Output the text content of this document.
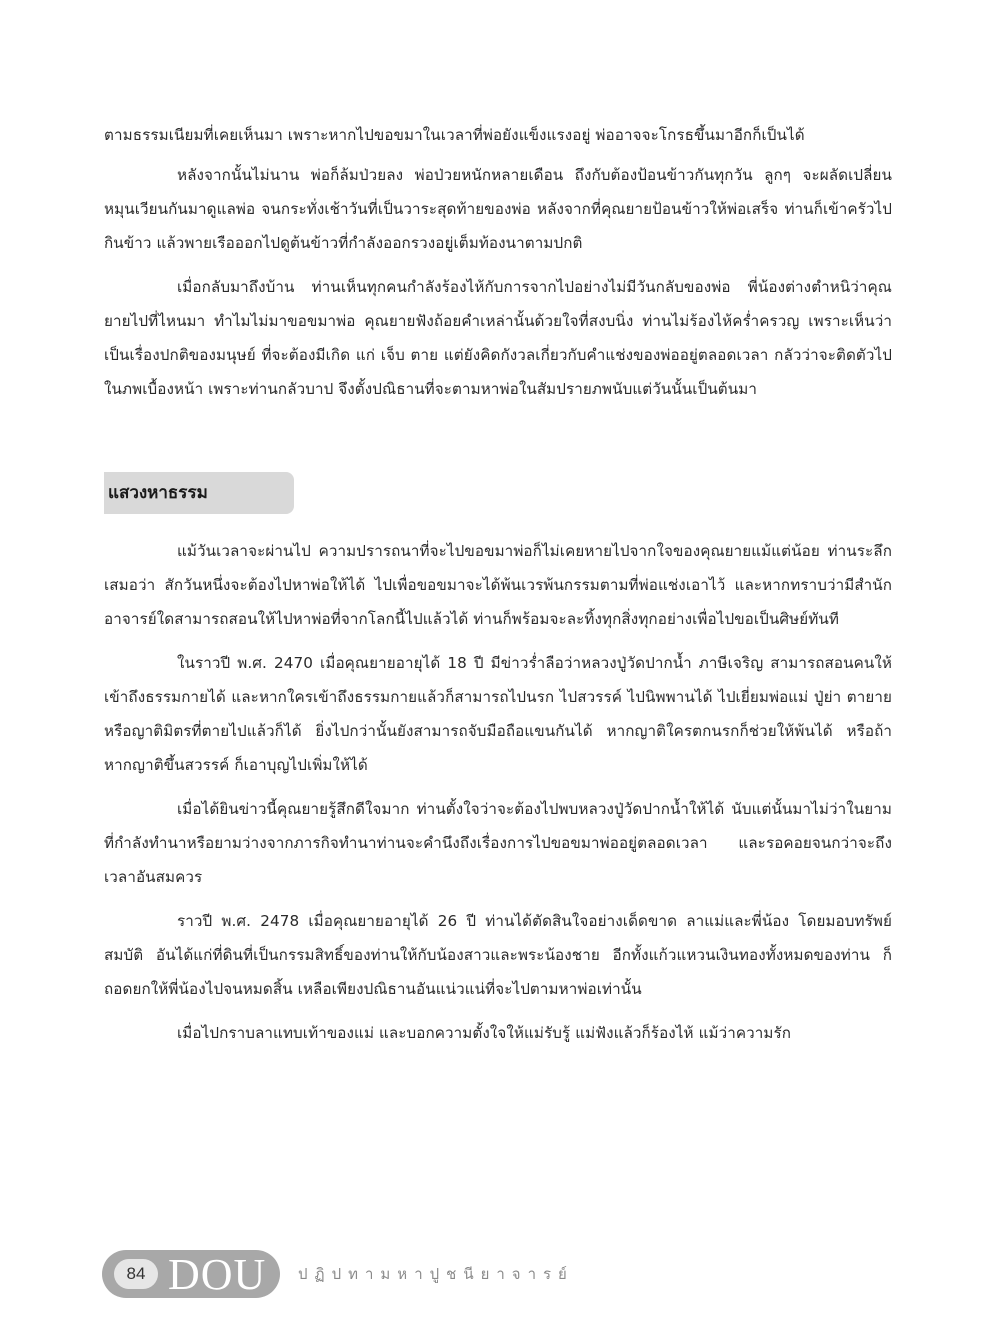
ตามธรรมเนียมที่เคยเห็นมา เพราะหากไปขอขมาในเวลาที่พ่อยังแข็งแรงอยู่ พ่ออาจจะโกรธขึ้นมาอีกก็เป็นได้

หลังจากนั้นไม่นาน พ่อก็ล้มป่วยลง พ่อป่วยหนักหลายเดือน ถึงกับต้องป้อนข้าวกันทุกวัน ลูกๆ จะผลัดเปลี่ยนหมุนเวียนกันมาดูแลพ่อ จนกระทั่งเช้าวันที่เป็นวาระสุดท้ายของพ่อ หลังจากที่คุณยายป้อนข้าวให้พ่อเสร็จ ท่านก็เข้าครัวไปกินข้าว แล้วพายเรือออกไปดูต้นข้าวที่กำลังออกรวงอยู่เต็มท้องนาตามปกติ

เมื่อกลับมาถึงบ้าน ท่านเห็นทุกคนกำลังร้องไห้กับการจากไปอย่างไม่มีวันกลับของพ่อ พี่น้องต่างตำหนิว่าคุณยายไปที่ไหนมา ทำไมไม่มาขอขมาพ่อ คุณยายฟังถ้อยคำเหล่านั้นด้วยใจที่สงบนิ่ง ท่านไม่ร้องไห้คร่ำครวญ เพราะเห็นว่าเป็นเรื่องปกติของมนุษย์ ที่จะต้องมีเกิด แก่ เจ็บ ตาย แต่ยังคิดกังวลเกี่ยวกับคำแช่งของพ่ออยู่ตลอดเวลา กลัวว่าจะติดตัวไปในภพเบื้องหน้า เพราะท่านกลัวบาป จึงตั้งปณิธานที่จะตามหาพ่อในสัมปรายภพนับแต่วันนั้นเป็นต้นมา

แสวงหาธรรม

แม้วันเวลาจะผ่านไป ความปรารถนาที่จะไปขอขมาพ่อก็ไม่เคยหายไปจากใจของคุณยายแม้แต่น้อย ท่านระลึกเสมอว่า สักวันหนึ่งจะต้องไปหาพ่อให้ได้ ไปเพื่อขอขมาจะได้พ้นเวรพ้นกรรมตามที่พ่อแช่งเอาไว้ และหากทราบว่ามีสำนักอาจารย์ใดสามารถสอนให้ไปหาพ่อที่จากโลกนี้ไปแล้วได้ ท่านก็พร้อมจะละทิ้งทุกสิ่งทุกอย่างเพื่อไปขอเป็นศิษย์ทันที

ในราวปี พ.ศ. 2470 เมื่อคุณยายอายุได้ 18 ปี มีข่าวร่ำลือว่าหลวงปู่วัดปากน้ำ ภาษีเจริญ สามารถสอนคนให้เข้าถึงธรรมกายได้ และหากใครเข้าถึงธรรมกายแล้วก็สามารถไปนรก ไปสวรรค์ ไปนิพพานได้ ไปเยี่ยมพ่อแม่ ปู่ย่า ตายาย หรือญาติมิตรที่ตายไปแล้วก็ได้ ยิ่งไปกว่านั้นยังสามารถจับมือถือแขนกันได้ หากญาติใครตกนรกก็ช่วยให้พ้นได้ หรือถ้าหากญาติขึ้นสวรรค์ ก็เอาบุญไปเพิ่มให้ได้

เมื่อได้ยินข่าวนี้คุณยายรู้สึกดีใจมาก ท่านตั้งใจว่าจะต้องไปพบหลวงปู่วัดปากน้ำให้ได้ นับแต่นั้นมาไม่ว่าในยามที่กำลังทำนาหรือยามว่างจากภารกิจทำนาท่านจะคำนึงถึงเรื่องการไปขอขมาพ่ออยู่ตลอดเวลา และรอคอยจนกว่าจะถึงเวลาอันสมควร

ราวปี พ.ศ. 2478 เมื่อคุณยายอายุได้ 26 ปี ท่านได้ตัดสินใจอย่างเด็ดขาด ลาแม่และพี่น้อง โดยมอบทรัพย์สมบัติ อันได้แก่ที่ดินที่เป็นกรรมสิทธิ์ของท่านให้กับน้องสาวและพระน้องชาย อีกทั้งแก้วแหวนเงินทองทั้งหมดของท่าน ก็ถอดยกให้พี่น้องไปจนหมดสิ้น เหลือเพียงปณิธานอันแน่วแน่ที่จะไปตามหาพ่อเท่านั้น

เมื่อไปกราบลาแทบเท้าของแม่ และบอกความตั้งใจให้แม่รับรู้ แม่ฟังแล้วก็ร้องไห้ แม้ว่าความรัก

84 DOU ปฏิปทามหาปูชนียาจารย์
